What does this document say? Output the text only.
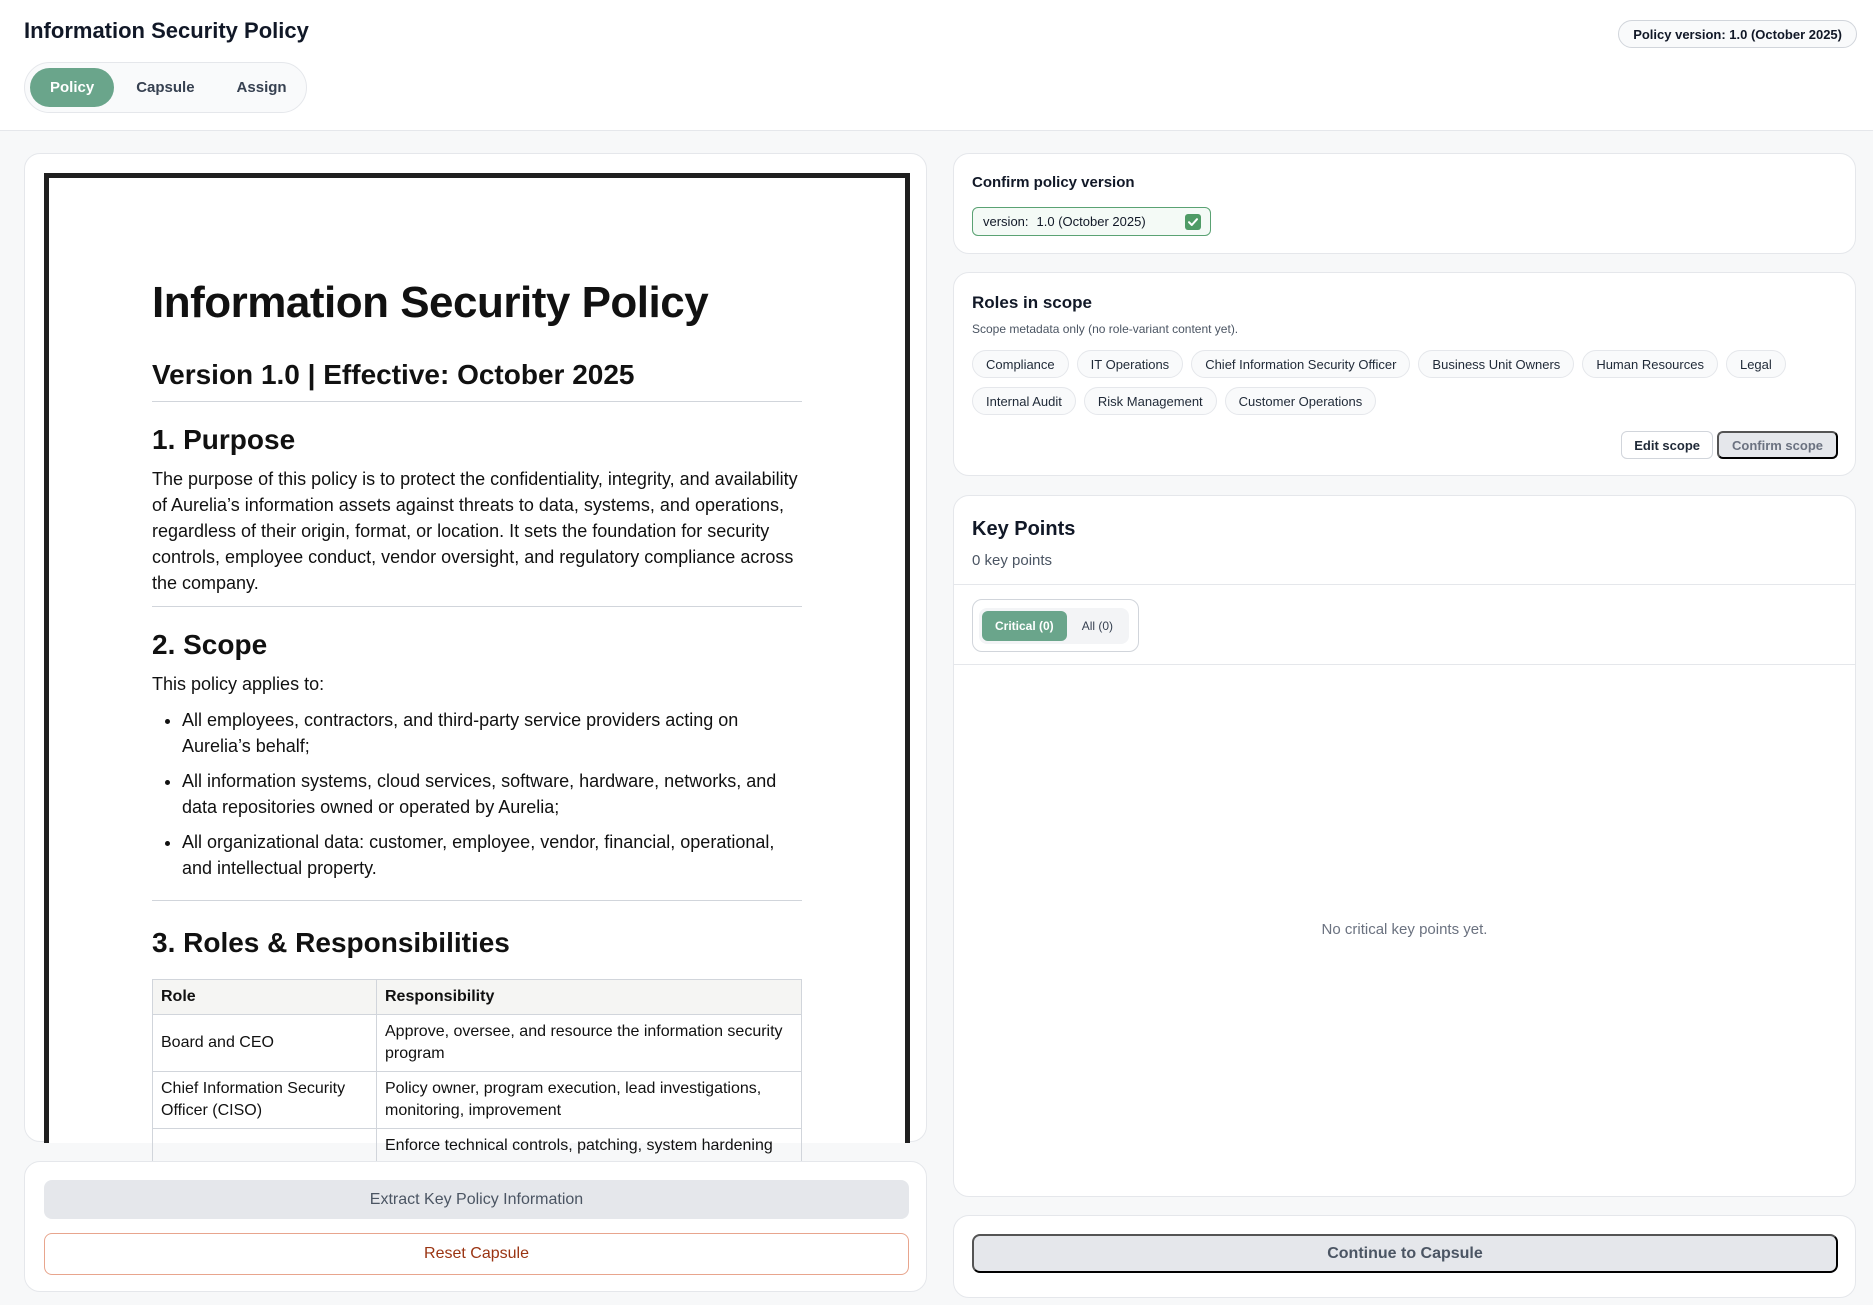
Information Security Policy	Policy version: 1.0 (October 2025)
Policy	Capsule	Assign
Information Security Policy
Version 1.0 | Effective: October 2025
1. Purpose

The purpose of this policy is to protect the confidentiality, integrity, and availability of Aurelia’s information assets against threats to data, systems, and operations, regardless of their origin, format, or location. It sets the foundation for security controls, employee conduct, vendor oversight, and regulatory compliance across the company.

2. Scope

This policy applies to:

• All employees, contractors, and third-party service providers acting on Aurelia’s behalf;
• All information systems, cloud services, software, hardware, networks, and data repositories owned or operated by Aurelia;
• All organizational data: customer, employee, vendor, financial, operational, and intellectual property.
3. Roles & Responsibilities
Role	Responsibility
Board and CEO	Approve, oversee, and resource the information security program
Chief Information Security Officer (CISO)	Policy owner, program execution, lead investigations, monitoring, improvement
	Enforce technical controls, patching, system hardening
Extract Key Policy Information
Reset Capsule
Confirm policy version
version: 1.0 (October 2025)
Roles in scope
Scope metadata only (no role-variant content yet).
Compliance	IT Operations	Chief Information Security Officer	Business Unit Owners	Human Resources	Legal
Internal Audit	Risk Management	Customer Operations
Edit scope	Confirm scope
Key Points
0 key points
Critical (0)	All (0)
No critical key points yet.
Continue to Capsule
